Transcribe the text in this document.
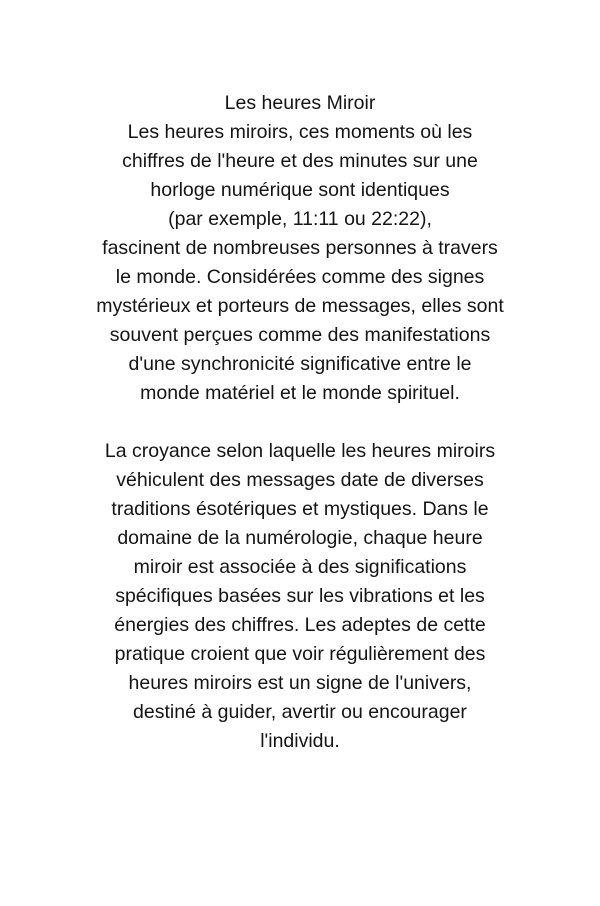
Les heures Miroir
Les heures miroirs, ces moments où les
chiffres de l'heure et des minutes sur une
horloge numérique sont identiques
(par exemple, 11:11 ou 22:22),
fascinent de nombreuses personnes à travers
le monde. Considérées comme des signes
mystérieux et porteurs de messages, elles sont
souvent perçues comme des manifestations
d'une synchronicité significative entre le
monde matériel et le monde spirituel.
La croyance selon laquelle les heures miroirs
véhiculent des messages date de diverses
traditions ésotériques et mystiques. Dans le
domaine de la numérologie, chaque heure
miroir est associée à des significations
spécifiques basées sur les vibrations et les
énergies des chiffres. Les adeptes de cette
pratique croient que voir régulièrement des
heures miroirs est un signe de l'univers,
destiné à guider, avertir ou encourager
l'individu.
